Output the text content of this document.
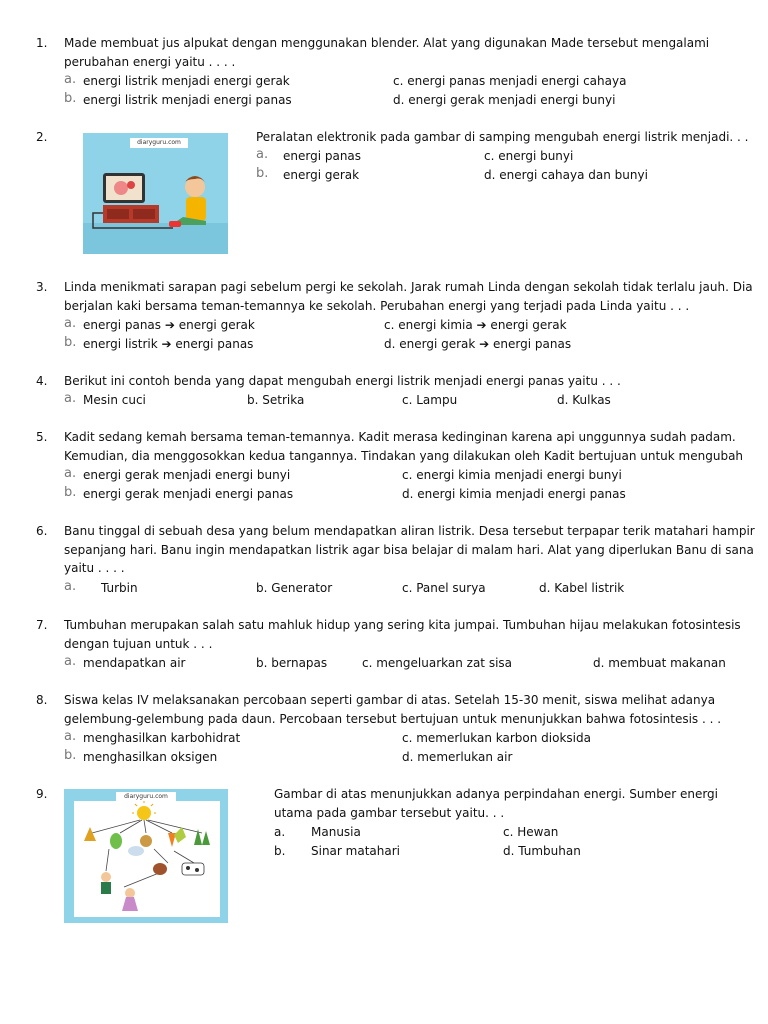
1. Made membuat jus alpukat dengan menggunakan blender. Alat yang digunakan Made tersebut mengalami
perubahan energi yaitu . . . .
a. energi listrik menjadi energi gerak	c. energi panas menjadi energi cahaya
b. energi listrik menjadi energi panas	d. energi gerak menjadi energi bunyi
2.	diaryguru.com	Peralatan elektronik pada gambar di samping mengubah energi listrik menjadi. . .
a. energi panas	c. energi bunyi
b. energi gerak	d. energi cahaya dan bunyi
3. Linda menikmati sarapan pagi sebelum pergi ke sekolah. Jarak rumah Linda dengan sekolah tidak terlalu jauh. Dia
berjalan kaki bersama teman-temannya ke sekolah. Perubahan energi yang terjadi pada Linda yaitu . . .
a. energi panas ➔ energi gerak	c. energi kimia ➔ energi gerak
b. energi listrik ➔ energi panas	d. energi gerak ➔ energi panas
4. Berikut ini contoh benda yang dapat mengubah energi listrik menjadi energi panas yaitu . . .
a. Mesin cuci	b. Setrika	c. Lampu	d. Kulkas
5. Kadit sedang kemah bersama teman-temannya. Kadit merasa kedinginan karena api unggunnya sudah padam.
Kemudian, dia menggosokkan kedua tangannya. Tindakan yang dilakukan oleh Kadit bertujuan untuk mengubah
a. energi gerak menjadi energi bunyi	c. energi kimia menjadi energi bunyi
b. energi gerak menjadi energi panas	d. energi kimia menjadi energi panas
6. Banu tinggal di sebuah desa yang belum mendapatkan aliran listrik. Desa tersebut terpapar terik matahari hampir
sepanjang hari. Banu ingin mendapatkan listrik agar bisa belajar di malam hari. Alat yang diperlukan Banu di sana
yaitu . . . .
a. Turbin	b. Generator	c. Panel surya	d. Kabel listrik
7. Tumbuhan merupakan salah satu mahluk hidup yang sering kita jumpai. Tumbuhan hijau melakukan fotosintesis
dengan tujuan untuk . . .
a. mendapatkan air	b. bernapas	c. mengeluarkan zat sisa	d. membuat makanan
8. Siswa kelas IV melaksanakan percobaan seperti gambar di atas. Setelah 15-30 menit, siswa melihat adanya
gelembung-gelembung pada daun. Percobaan tersebut bertujuan untuk menunjukkan bahwa fotosintesis . . .
a. menghasilkan karbohidrat	c. memerlukan karbon dioksida
b. menghasilkan oksigen	d. memerlukan air
9.	diaryguru.com	Gambar di atas menunjukkan adanya perpindahan energi. Sumber energi
utama pada gambar tersebut yaitu. . .
a. Manusia	c. Hewan
b. Sinar matahari	d. Tumbuhan
